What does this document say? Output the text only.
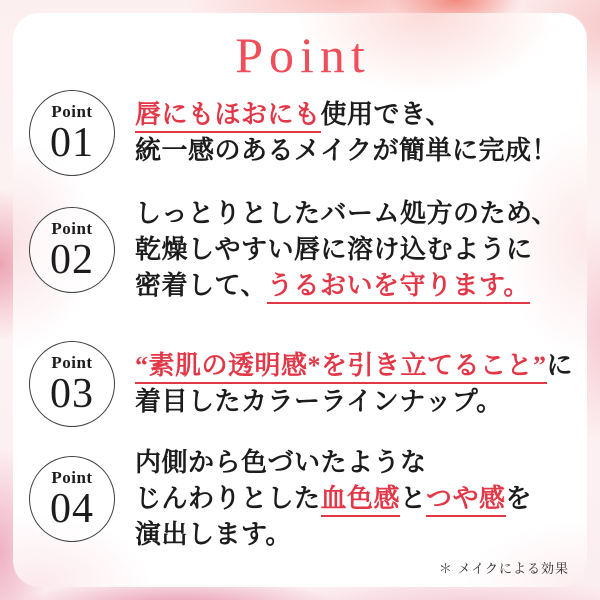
Point
Point
01

唇にもほおにも使用でき、

統一感のあるメイクが簡単に完成！

Point
02

しっとりとしたバーム処方のため、

乾燥しやすい唇に溶け込むように

密着して、うるおいを守ります。

Point
03

“素肌の透明感*を引き立てること”に

着目したカラーラインナップ。

Point
04

内側から色づいたような

じんわりとした血色感とつや感を

演出します。

＊ メイクによる効果
